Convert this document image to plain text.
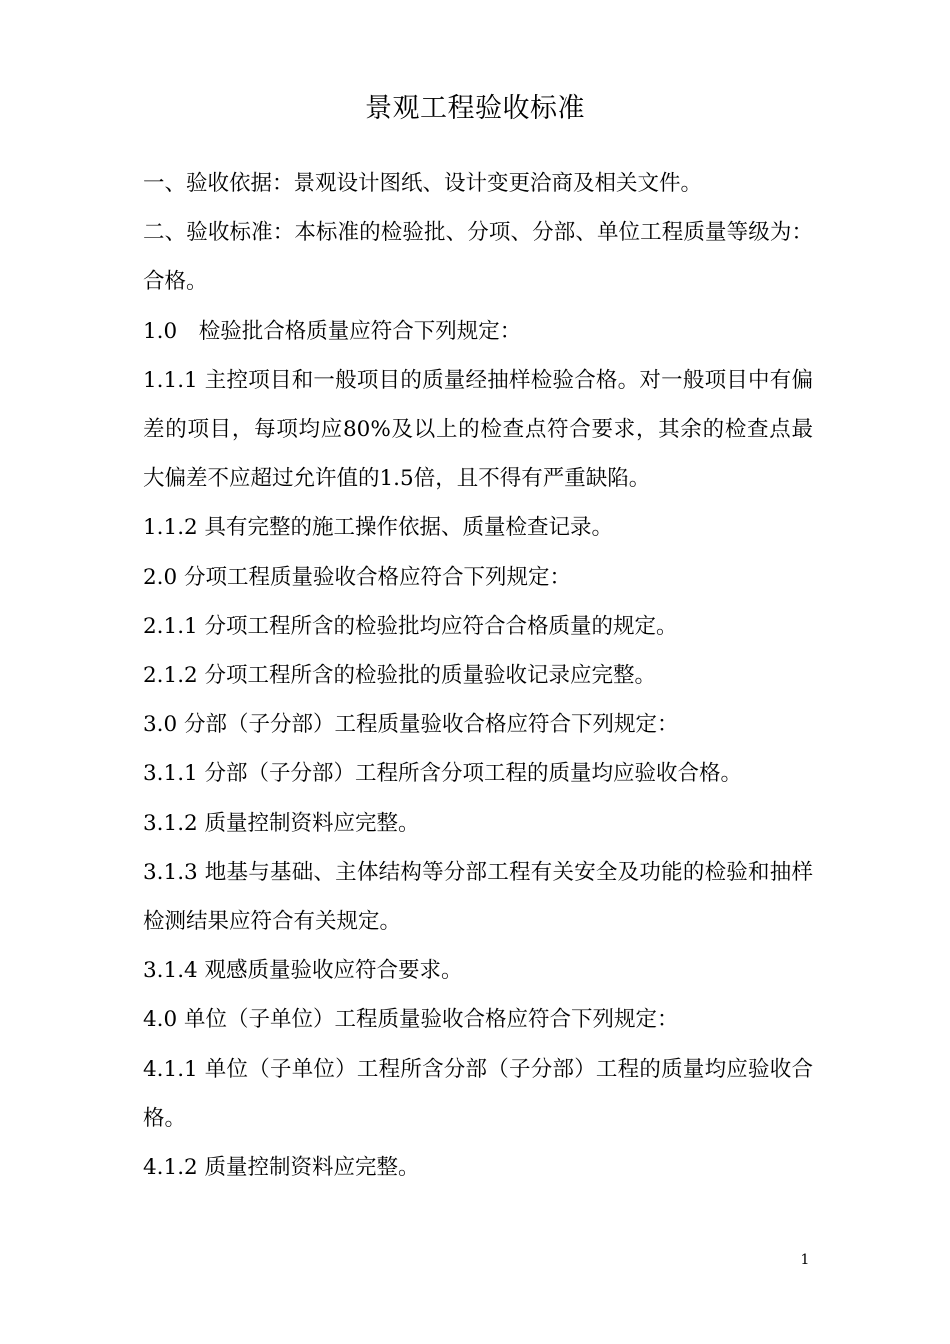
景观工程验收标准

一、验收依据：景观设计图纸、设计变更洽商及相关文件。

二、验收标准：本标准的检验批、分项、分部、单位工程质量等级为：合格。

1.0　检验批合格质量应符合下列规定：

1.1.1 主控项目和一般项目的质量经抽样检验合格。对一般项目中有偏差的项目，每项均应80%及以上的检查点符合要求，其余的检查点最大偏差不应超过允许值的1.5倍，且不得有严重缺陷。

1.1.2 具有完整的施工操作依据、质量检查记录。

2.0 分项工程质量验收合格应符合下列规定：

2.1.1 分项工程所含的检验批均应符合合格质量的规定。

2.1.2 分项工程所含的检验批的质量验收记录应完整。

3.0 分部（子分部）工程质量验收合格应符合下列规定：

3.1.1 分部（子分部）工程所含分项工程的质量均应验收合格。

3.1.2 质量控制资料应完整。

3.1.3 地基与基础、主体结构等分部工程有关安全及功能的检验和抽样检测结果应符合有关规定。

3.1.4 观感质量验收应符合要求。

4.0 单位（子单位）工程质量验收合格应符合下列规定：

4.1.1 单位（子单位）工程所含分部（子分部）工程的质量均应验收合格。

4.1.2 质量控制资料应完整。

1
